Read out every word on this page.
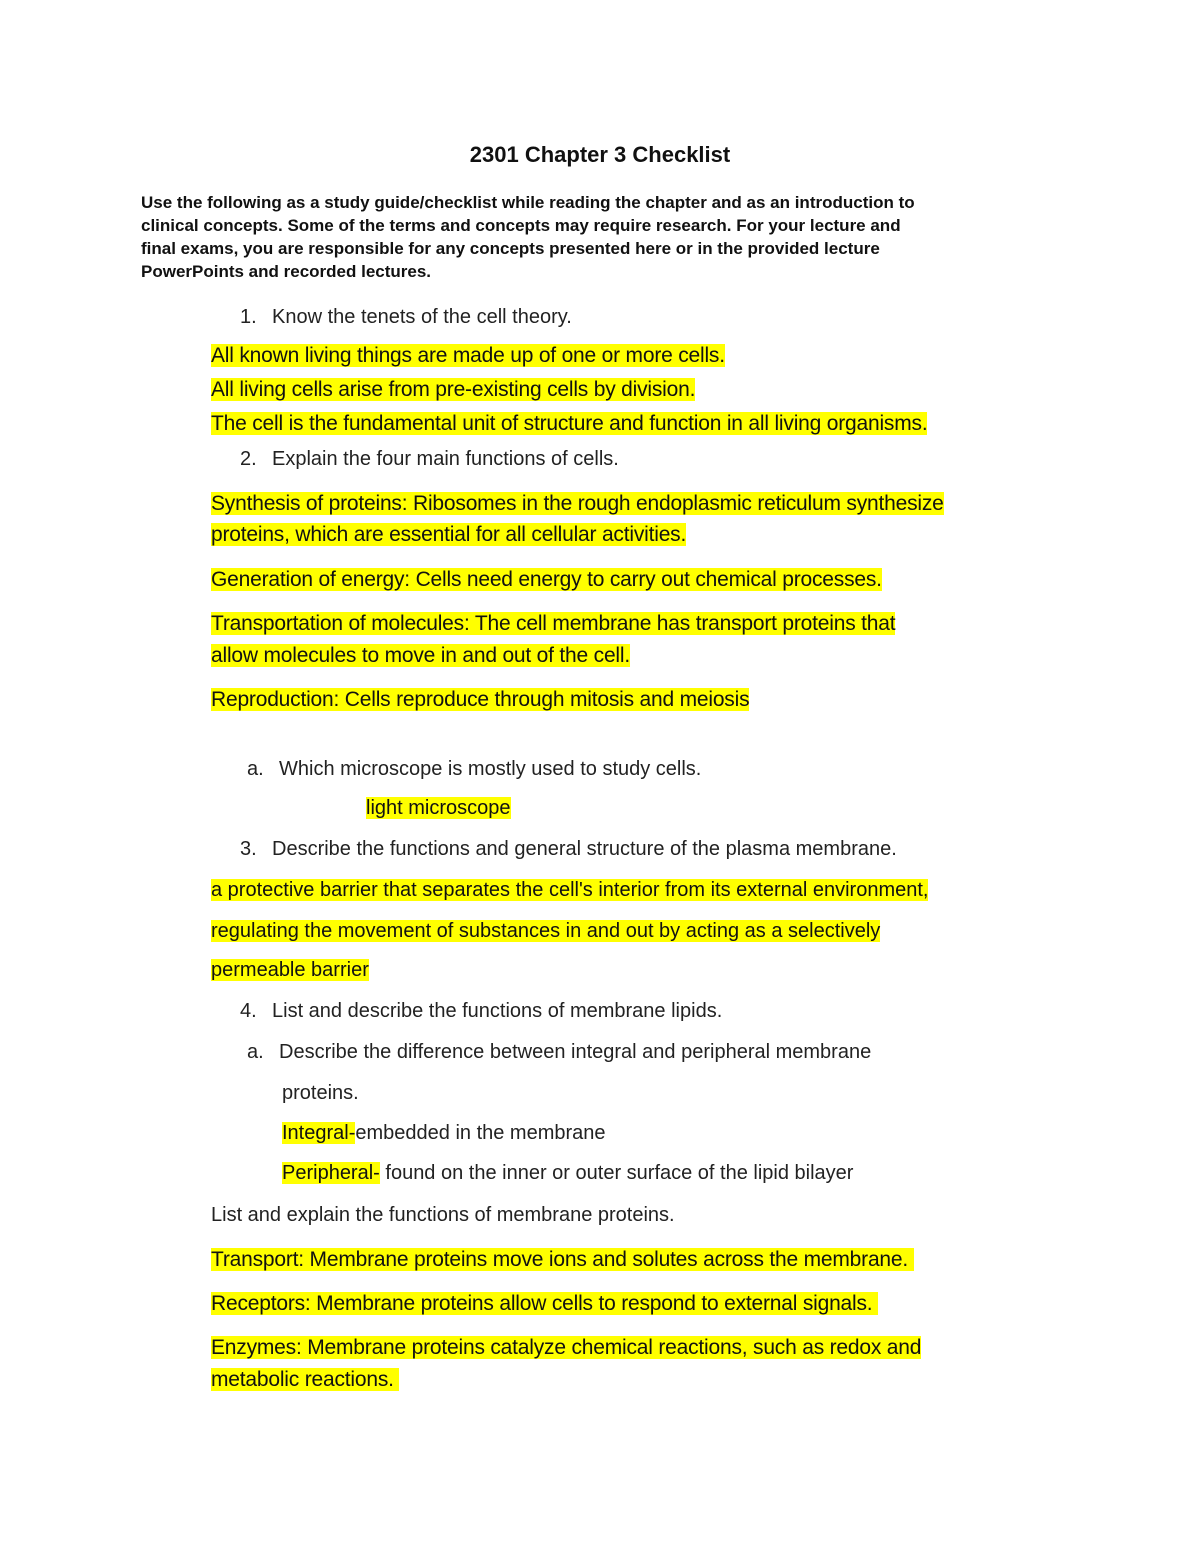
2301 Chapter 3 Checklist
Use the following as a study guide/checklist while reading the chapter and as an introduction to
clinical concepts. Some of the terms and concepts may require research. For your lecture and
final exams, you are responsible for any concepts presented here or in the provided lecture
PowerPoints and recorded lectures.
1. Know the tenets of the cell theory.
All known living things are made up of one or more cells.
All living cells arise from pre-existing cells by division.
The cell is the fundamental unit of structure and function in all living organisms.
2. Explain the four main functions of cells.
Synthesis of proteins: Ribosomes in the rough endoplasmic reticulum synthesize
proteins, which are essential for all cellular activities.
Generation of energy: Cells need energy to carry out chemical processes.
Transportation of molecules: The cell membrane has transport proteins that
allow molecules to move in and out of the cell.
Reproduction: Cells reproduce through mitosis and meiosis
a. Which microscope is mostly used to study cells.
light microscope
3. Describe the functions and general structure of the plasma membrane.
a protective barrier that separates the cell's interior from its external environment,
regulating the movement of substances in and out by acting as a selectively
permeable barrier
4. List and describe the functions of membrane lipids.
a. Describe the difference between integral and peripheral membrane
proteins.
Integral-embedded in the membrane
Peripheral- found on the inner or outer surface of the lipid bilayer
List and explain the functions of membrane proteins.
Transport: Membrane proteins move ions and solutes across the membrane.
Receptors: Membrane proteins allow cells to respond to external signals.
Enzymes: Membrane proteins catalyze chemical reactions, such as redox and
metabolic reactions.
